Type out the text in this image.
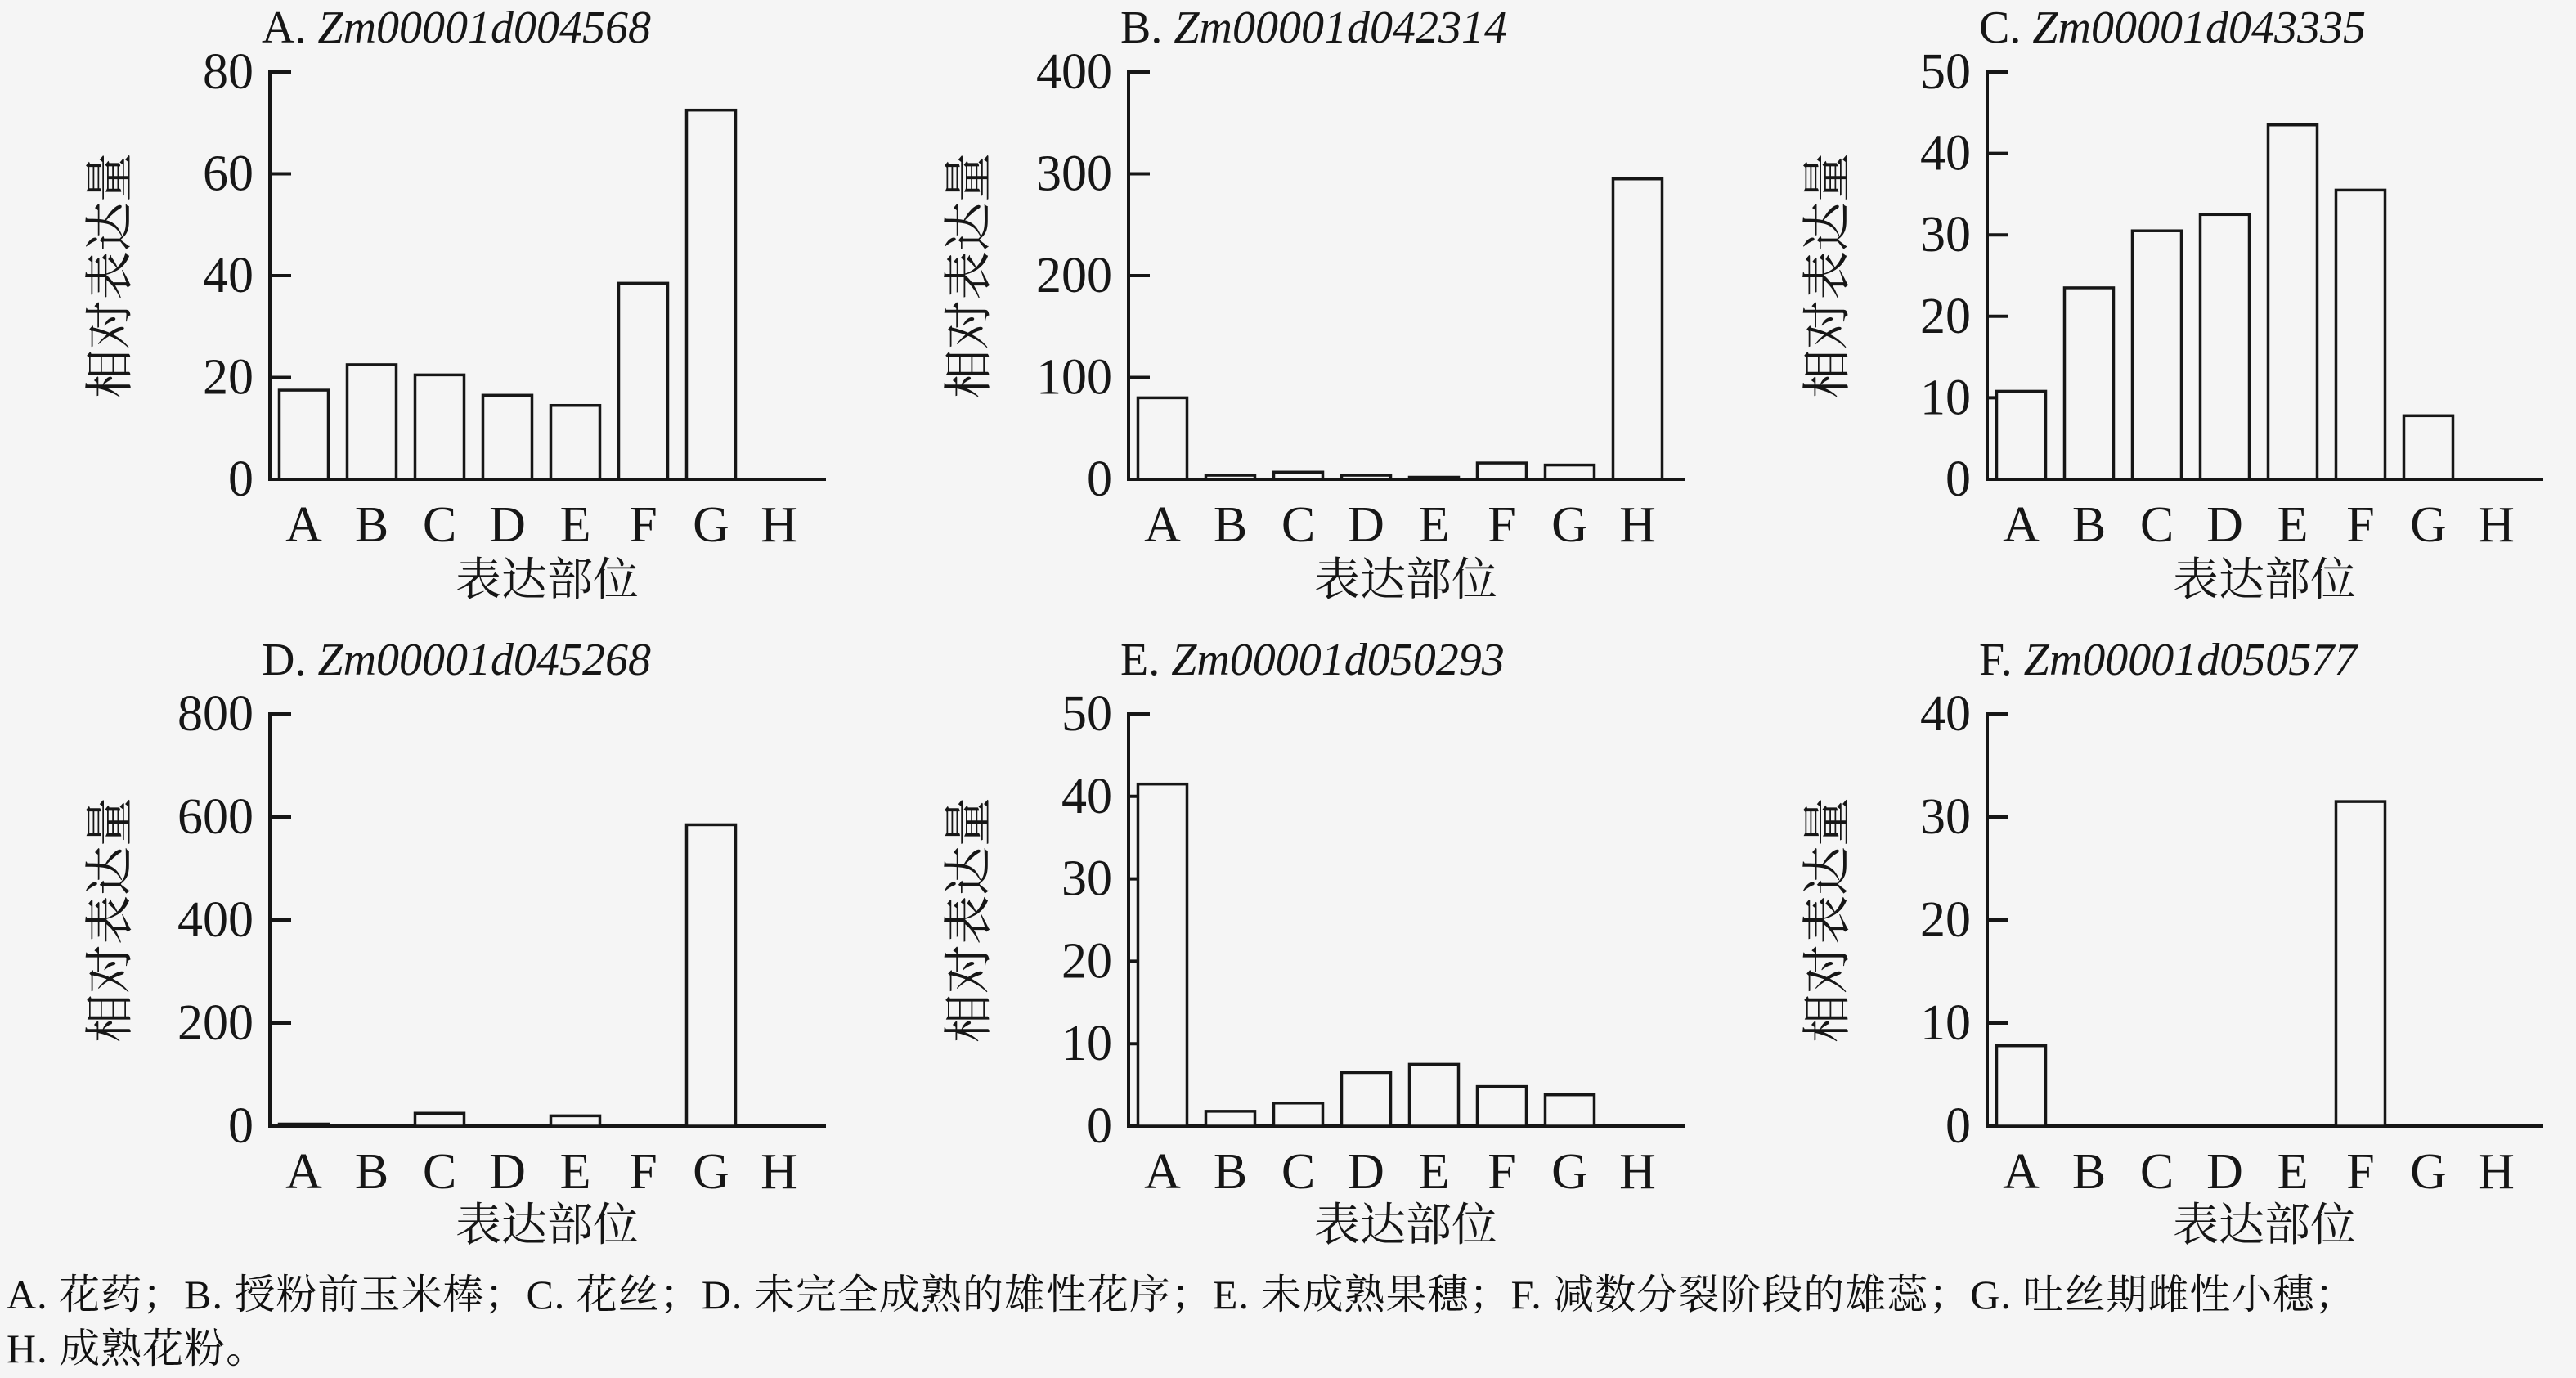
A. Zm00001d004568
相对表达量
0
20
40
60
80
A B C D E F G H
表达部位
B. Zm00001d042314
相对表达量
0
100
200
300
400
A B C D E F G H
表达部位
C. Zm00001d043335
相对表达量
0
10
20
30
40
50
A B C D E F G H
表达部位
D. Zm00001d045268
相对表达量
0
200
400
600
800
A B C D E F G H
表达部位
E. Zm00001d050293
相对表达量
0
10
20
30
40
50
A B C D E F G H
表达部位
F. Zm00001d050577
相对表达量
0
10
20
30
40
A B C D E F G H
表达部位
A. 花药；B. 授粉前玉米棒；C. 花丝；D. 未完全成熟的雄性花序；E. 未成熟果穗；F. 减数分裂阶段的雄蕊；G. 吐丝期雌性小穗；
H. 成熟花粉。
